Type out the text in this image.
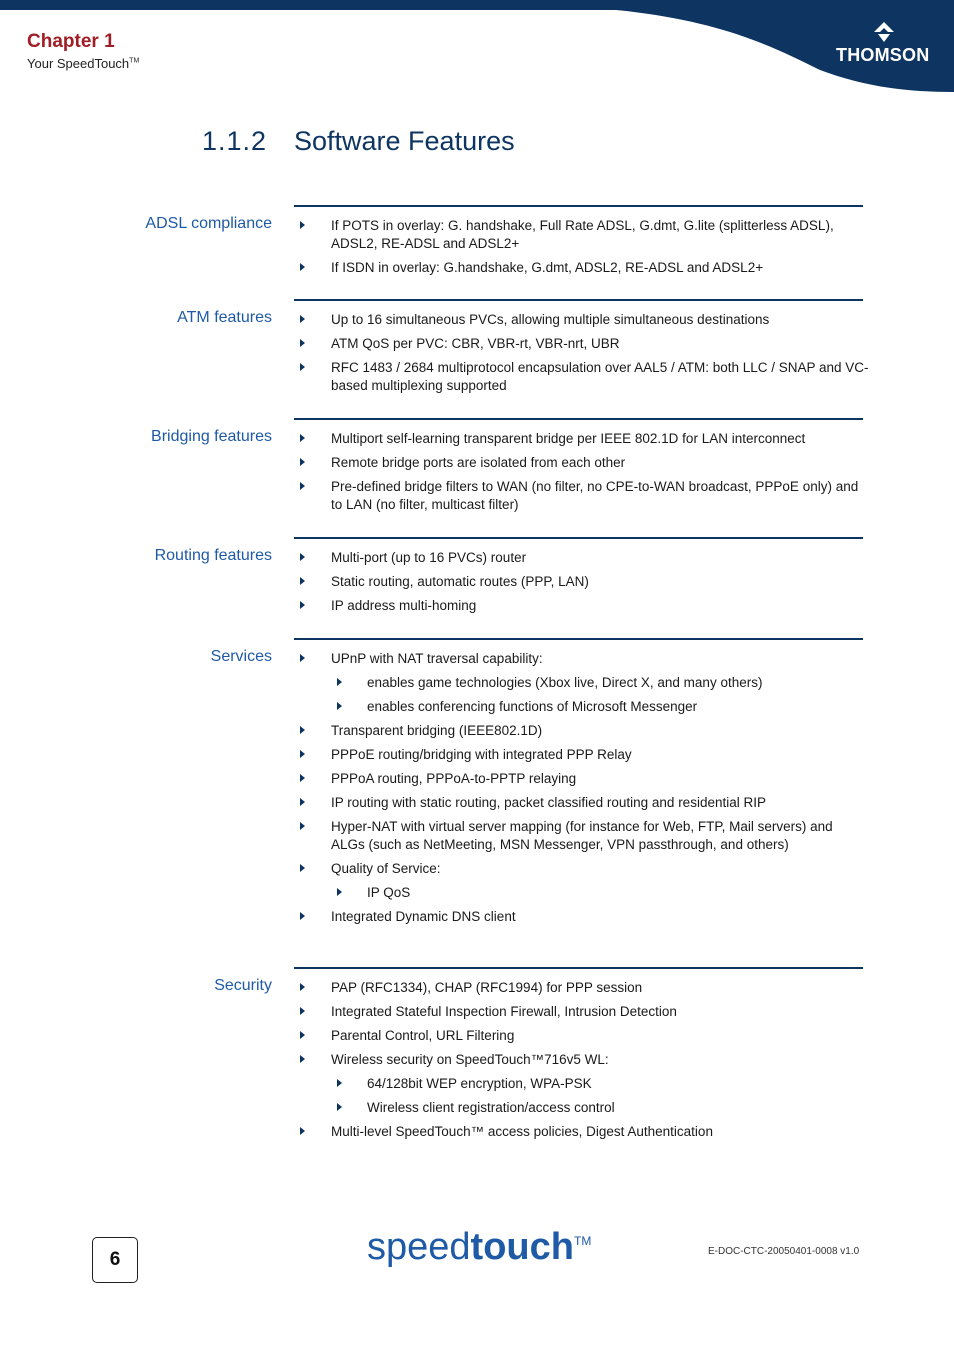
Chapter 1
Your SpeedTouch™	THOMSON
1.1.2 Software Features
ADSL compliance	If POTS in overlay: G. handshake, Full Rate ADSL, G.dmt, G.lite (splitterless ADSL), ADSL2, RE-ADSL and ADSL2+
If ISDN in overlay: G.handshake, G.dmt, ADSL2, RE-ADSL and ADSL2+
ATM features	Up to 16 simultaneous PVCs, allowing multiple simultaneous destinations
ATM QoS per PVC: CBR, VBR-rt, VBR-nrt, UBR
RFC 1483 / 2684 multiprotocol encapsulation over AAL5 / ATM: both LLC / SNAP and VC-based multiplexing supported
Bridging features	Multiport self-learning transparent bridge per IEEE 802.1D for LAN interconnect
Remote bridge ports are isolated from each other
Pre-defined bridge filters to WAN (no filter, no CPE-to-WAN broadcast, PPPoE only) and to LAN (no filter, multicast filter)
Routing features	Multi-port (up to 16 PVCs) router
Static routing, automatic routes (PPP, LAN)
IP address multi-homing
Services	UPnP with NAT traversal capability:
enables game technologies (Xbox live, Direct X, and many others)
enables conferencing functions of Microsoft Messenger
Transparent bridging (IEEE802.1D)
PPPoE routing/bridging with integrated PPP Relay
PPPoA routing, PPPoA-to-PPTP relaying
IP routing with static routing, packet classified routing and residential RIP
Hyper-NAT with virtual server mapping (for instance for Web, FTP, Mail servers) and ALGs (such as NetMeeting, MSN Messenger, VPN passthrough, and others)
Quality of Service:
IP QoS
Integrated Dynamic DNS client
Security	PAP (RFC1334), CHAP (RFC1994) for PPP session
Integrated Stateful Inspection Firewall, Intrusion Detection
Parental Control, URL Filtering
Wireless security on SpeedTouch™716v5 WL:
64/128bit WEP encryption, WPA-PSK
Wireless client registration/access control
Multi-level SpeedTouch™ access policies, Digest Authentication
6	speedtouch™
E-DOC-CTC-20050401-0008 v1.0
